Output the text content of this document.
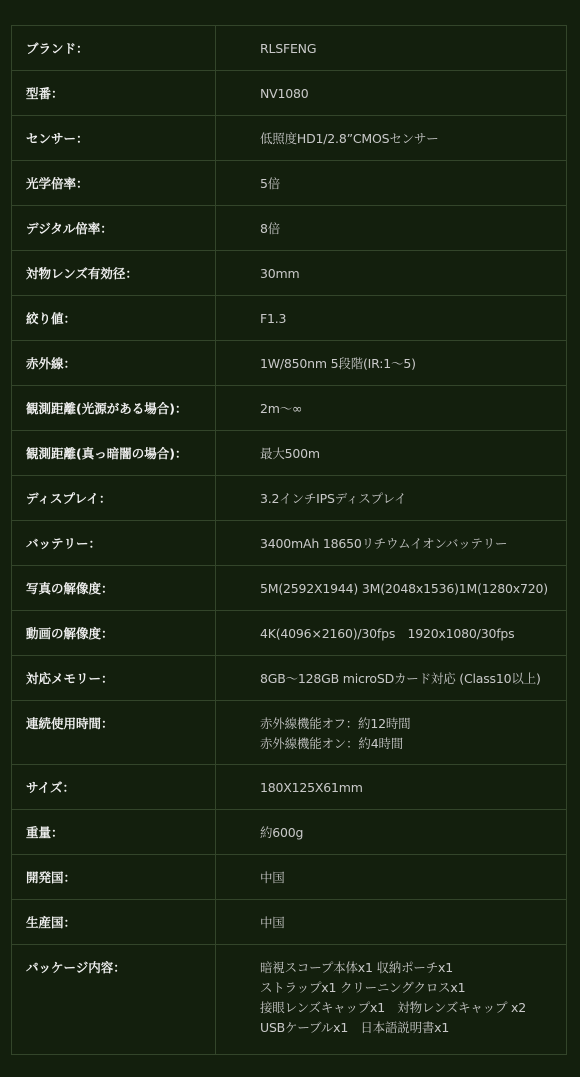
ブランド：	RLSFENG

型番：	NV1080

センサー：	低照度HD1/2.8”CMOSセンサー

光学倍率：	5倍

デジタル倍率：	8倍

対物レンズ有効径：	30mm

絞り値：	F1.3

赤外線：	1W/850nm 5段階(IR:1～5)

観測距離(光源がある場合)：	2m～∞

観測距離(真っ暗闇の場合)：	最大500m

ディスプレイ：	3.2インチIPSディスプレイ

バッテリー：	3400mAh 18650リチウムイオンバッテリー

写真の解像度：	5M(2592X1944) 3M(2048x1536)1M(1280x720)

動画の解像度：	4K(4096×2160)/30fps　1920x1080/30fps

対応メモリー：	8GB～128GB microSDカード対応 (Class10以上)

連続使用時間：	赤外線機能オフ：約12時間
赤外線機能オン：約4時間

サイズ：	180X125X61mm

重量：	約600g

開発国：	中国

生産国：	中国

パッケージ内容：	暗視スコープ本体x1 収納ポーチx1
ストラップx1 クリーニングクロスx1
接眼レンズキャップx1　対物レンズキャップ x2
USBケーブルx1　日本語説明書x1
